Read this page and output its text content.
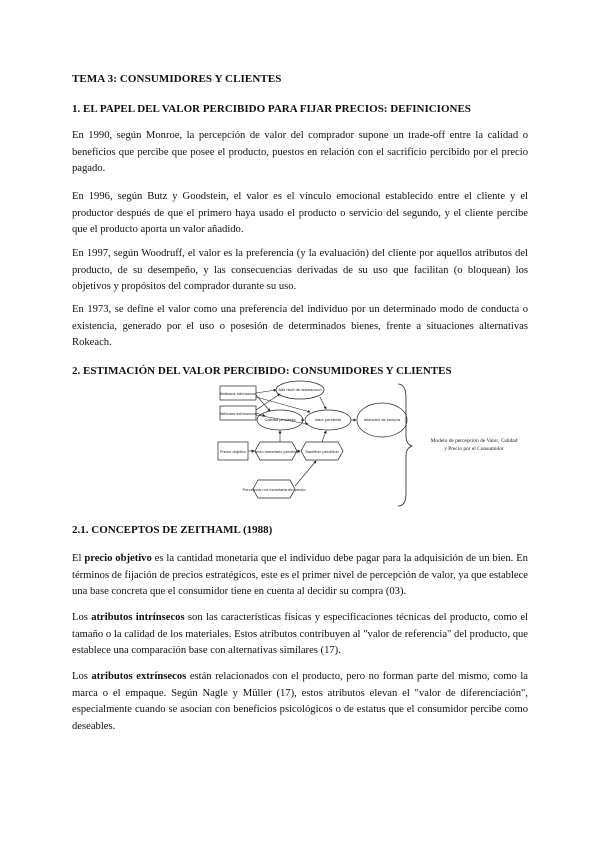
TEMA 3: CONSUMIDORES Y CLIENTES
1. EL PAPEL DEL VALOR PERCIBIDO PARA FIJAR PRECIOS: DEFINICIONES

En 1990, según Monroe, la percepción de valor del comprador supone un trade-off entre la calidad o beneficios que percibe que posee el producto, puestos en relación con el sacrificio percibido por el precio pagado.

En 1996, según Butz y Goodstein, el valor es el vínculo emocional establecido entre el cliente y el productor después de que el primero haya usado el producto o servicio del segundo, y el cliente percibe que el producto aporta un valor añadido.

En 1997, según Woodruff, el valor es la preferencia (y la evaluación) del cliente por aquellos atributos del producto, de su desempeño, y las consecuencias derivadas de su uso que facilitan (o bloquean) los objetivos y propósitos del comprador durante su uso.

En 1973, se define el valor como una preferencia del individuo por un determinado modo de conducta o existencia, generado por el uso o posesión de determinados bienes, frente a situaciones alternativas Rokeach.

2. ESTIMACIÓN DEL VALOR PERCIBIDO: CONSUMIDORES Y CLIENTES
Atributos intrínsecos
Atributos extrínsecos
Alto nivel de abstracción
Calidad percibida	Valor percibido	Intención de compra
Precio objetivo Precio monetario percibido Sacrificio percibido
Percepción no monetaria del precio
Modelo de percepción de Valor, Calidad
y Precio por el Consumidor
2.1. CONCEPTOS DE ZEITHAML (1988)

El precio objetivo es la cantidad monetaria que el individuo debe pagar para la adquisición de un bien. En términos de fijación de precios estratégicos, este es el primer nivel de percepción de valor, ya que establece una base concreta que el consumidor tiene en cuenta al decidir su compra (03).

Los atributos intrínsecos son las características físicas y especificaciones técnicas del producto, como el tamaño o la calidad de los materiales. Estos atributos contribuyen al "valor de referencia" del producto, que establece una comparación base con alternativas similares (17).

Los atributos extrínsecos están relacionados con el producto, pero no forman parte del mismo, como la marca o el empaque. Según Nagle y Müller (17), estos atributos elevan el "valor de diferenciación", especialmente cuando se asocian con beneficios psicológicos o de estatus que el consumidor percibe como deseables.
